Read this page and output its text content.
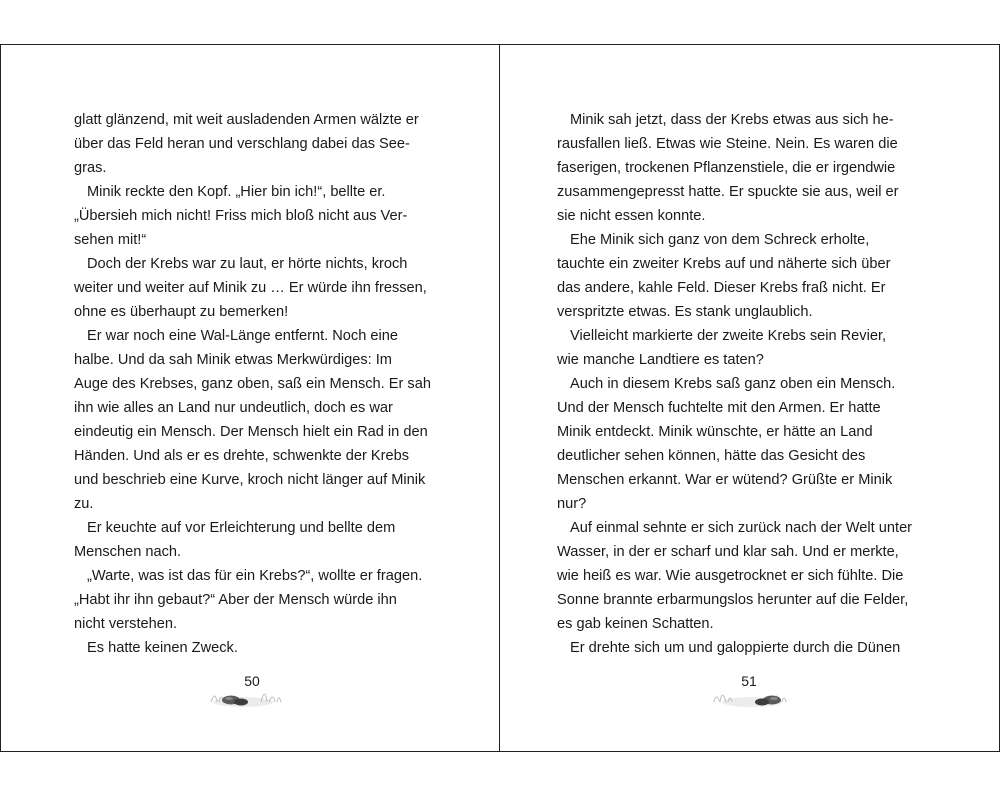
glatt glänzend, mit weit ausladenden Armen wälzte er
über das Feld heran und verschlang dabei das See-
gras.
Minik reckte den Kopf. „Hier bin ich!“, bellte er.
„Übersieh mich nicht! Friss mich bloß nicht aus Ver-
sehen mit!“
Doch der Krebs war zu laut, er hörte nichts, kroch
weiter und weiter auf Minik zu … Er würde ihn fressen,
ohne es überhaupt zu bemerken!
Er war noch eine Wal-Länge entfernt. Noch eine
halbe. Und da sah Minik etwas Merkwürdiges: Im
Auge des Krebses, ganz oben, saß ein Mensch. Er sah
ihn wie alles an Land nur undeutlich, doch es war
eindeutig ein Mensch. Der Mensch hielt ein Rad in den
Händen. Und als er es drehte, schwenkte der Krebs
und beschrieb eine Kurve, kroch nicht länger auf Minik
zu.
Er keuchte auf vor Erleichterung und bellte dem
Menschen nach.
„Warte, was ist das für ein Krebs?“, wollte er fragen.
„Habt ihr ihn gebaut?“ Aber der Mensch würde ihn
nicht verstehen.
Es hatte keinen Zweck.
Minik sah jetzt, dass der Krebs etwas aus sich he-
rausfallen ließ. Etwas wie Steine. Nein. Es waren die
faserigen, trockenen Pflanzenstiele, die er irgendwie
zusammengepresst hatte. Er spuckte sie aus, weil er
sie nicht essen konnte.
Ehe Minik sich ganz von dem Schreck erholte,
tauchte ein zweiter Krebs auf und näherte sich über
das andere, kahle Feld. Dieser Krebs fraß nicht. Er
verspritzte etwas. Es stank unglaublich.
Vielleicht markierte der zweite Krebs sein Revier,
wie manche Landtiere es taten?
Auch in diesem Krebs saß ganz oben ein Mensch.
Und der Mensch fuchtelte mit den Armen. Er hatte
Minik entdeckt. Minik wünschte, er hätte an Land
deutlicher sehen können, hätte das Gesicht des
Menschen erkannt. War er wütend? Grüßte er Minik
nur?
Auf einmal sehnte er sich zurück nach der Welt unter
Wasser, in der er scharf und klar sah. Und er merkte,
wie heiß es war. Wie ausgetrocknet er sich fühlte. Die
Sonne brannte erbarmungslos herunter auf die Felder,
es gab keinen Schatten.
Er drehte sich um und galoppierte durch die Dünen
50	51
